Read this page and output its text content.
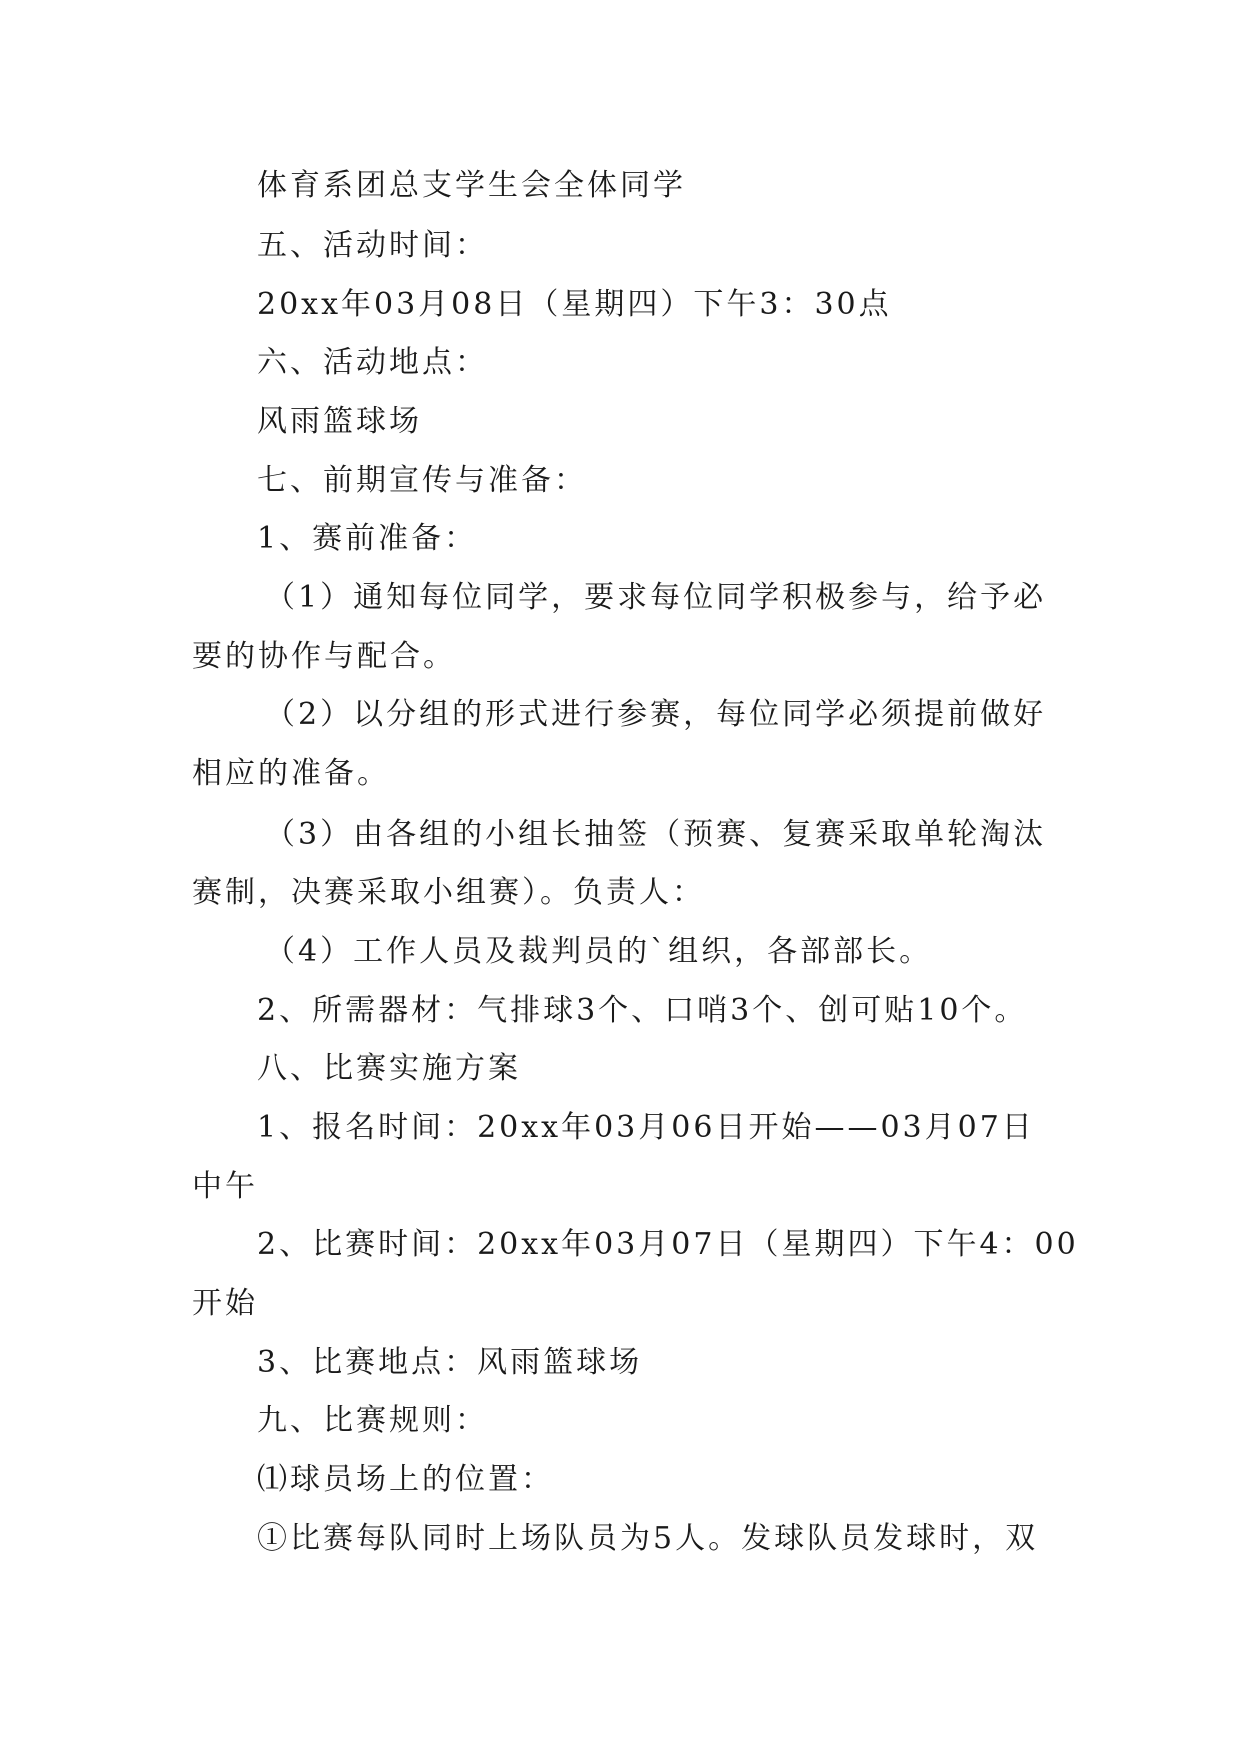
体育系团总支学生会全体同学
五、活动时间：
20xx年03月08日（星期四）下午3：30点
六、活动地点：
风雨篮球场
七、前期宣传与准备：
1、赛前准备：
（1）通知每位同学，要求每位同学积极参与，给予必
要的协作与配合。
（2）以分组的形式进行参赛，每位同学必须提前做好
相应的准备。
（3）由各组的小组长抽签（预赛、复赛采取单轮淘汰
赛制，决赛采取小组赛）。负责人：
（4）工作人员及裁判员的`组织，各部部长。
2、所需器材：气排球3个、口哨3个、创可贴10个。
八、比赛实施方案
1、报名时间：20xx年03月06日开始——03月07日
中午
2、比赛时间：20xx年03月07日（星期四）下午4：00
开始
3、比赛地点：风雨篮球场
九、比赛规则：
⑴球员场上的位置：
①比赛每队同时上场队员为5人。发球队员发球时，双
